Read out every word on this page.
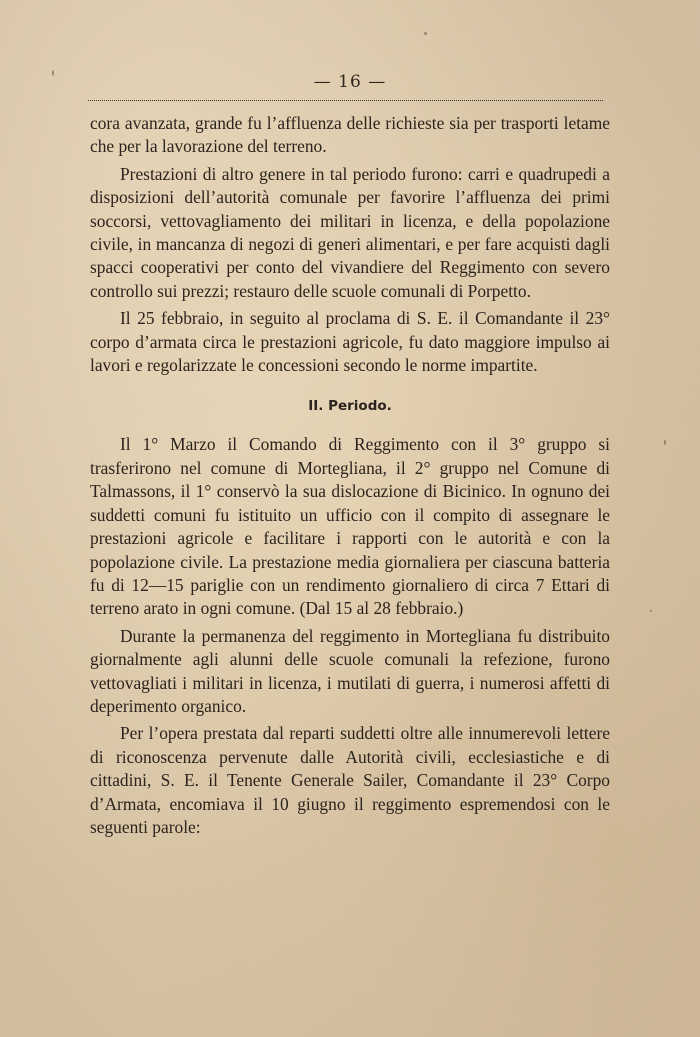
— 16 —

cora avanzata, grande fu l’affluenza delle richieste sia per trasporti letame che per la lavorazione del terreno.

Prestazioni di altro genere in tal periodo furono: carri e quadrupedi a disposizioni dell’autorità comunale per favorire l’affluenza dei primi soccorsi, vettovagliamento dei militari in licenza, e della popolazione civile, in mancanza di negozi di generi alimentari, e per fare acquisti dagli spacci cooperativi per conto del vivandiere del Reggimento con severo controllo sui prezzi; restauro delle scuole comunali di Porpetto.

Il 25 febbraio, in seguito al proclama di S. E. il Comandante il 23° corpo d’armata circa le prestazioni agricole, fu dato maggiore impulso ai lavori e regolarizzate le concessioni secondo le norme impartite.

II. Periodo.

Il 1° Marzo il Comando di Reggimento con il 3° gruppo si trasferirono nel comune di Mortegliana, il 2° gruppo nel Comune di Talmassons, il 1° conservò la sua dislocazione di Bicinico. In ognuno dei suddetti comuni fu istituito un ufficio con il compito di assegnare le prestazioni agricole e facilitare i rapporti con le autorità e con la popolazione civile. La prestazione media giornaliera per ciascuna batteria fu di 12—15 pariglie con un rendimento giornaliero di circa 7 Ettari di terreno arato in ogni comune. (Dal 15 al 28 febbraio.)

Durante la permanenza del reggimento in Mortegliana fu distribuito giornalmente agli alunni delle scuole comunali la refezione, furono vettovagliati i militari in licenza, i mutilati di guerra, i numerosi affetti di deperimento organico.

Per l’opera prestata dal reparti suddetti oltre alle innumerevoli lettere di riconoscenza pervenute dalle Autorità civili, ecclesiastiche e di cittadini, S. E. il Tenente Generale Sailer, Comandante il 23° Corpo d’Armata, encomiava il 10 giugno il reggimento espremendosi con le seguenti parole:
